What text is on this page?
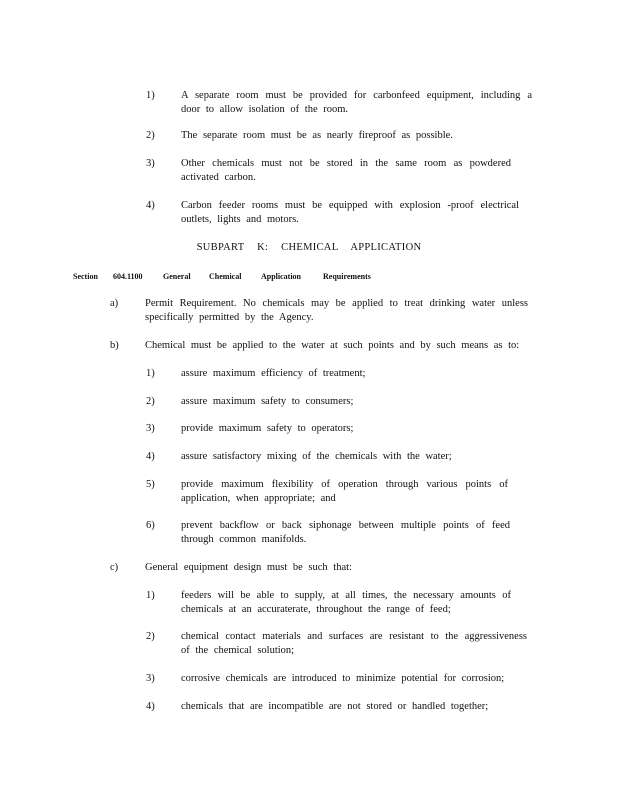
1)	A separate room must be provided for carbonfeed equipment, including a door to allow isolation of the room.
2)	The separate room must be as nearly fireproof as possible.
3)	Other chemicals must not be stored in the same room as powdered activated carbon.
4)	Carbon feeder rooms must be equipped with explosion -proof electrical outlets, lights and motors.
SUBPART K: CHEMICAL APPLICATION
Section 604.1100	General Chemical Application	Requirements
a)	Permit Requirement. No chemicals may be applied to treat drinking water unless specifically permitted by the Agency.
b)	Chemical must be applied to the water at such points and by such means as to:
1)	assure maximum efficiency of treatment;
2)	assure maximum safety to consumers;
3)	provide maximum safety to operators;
4)	assure satisfactory mixing of the chemicals with the water;
5)	provide maximum flexibility of operation through various points of application, when appropriate; and
6)	prevent backflow or back siphonage between multiple points of feed through common manifolds.
c)	General equipment design must be such that:
1)	feeders will be able to supply, at all times, the necessary amounts of chemicals at an accuraterate, throughout the range of feed;
2)	chemical contact materials and surfaces are resistant to the aggressiveness of the chemical solution;
3)	corrosive chemicals are introduced to minimize potential for corrosion;
4)	chemicals that are incompatible are not stored or handled together;
